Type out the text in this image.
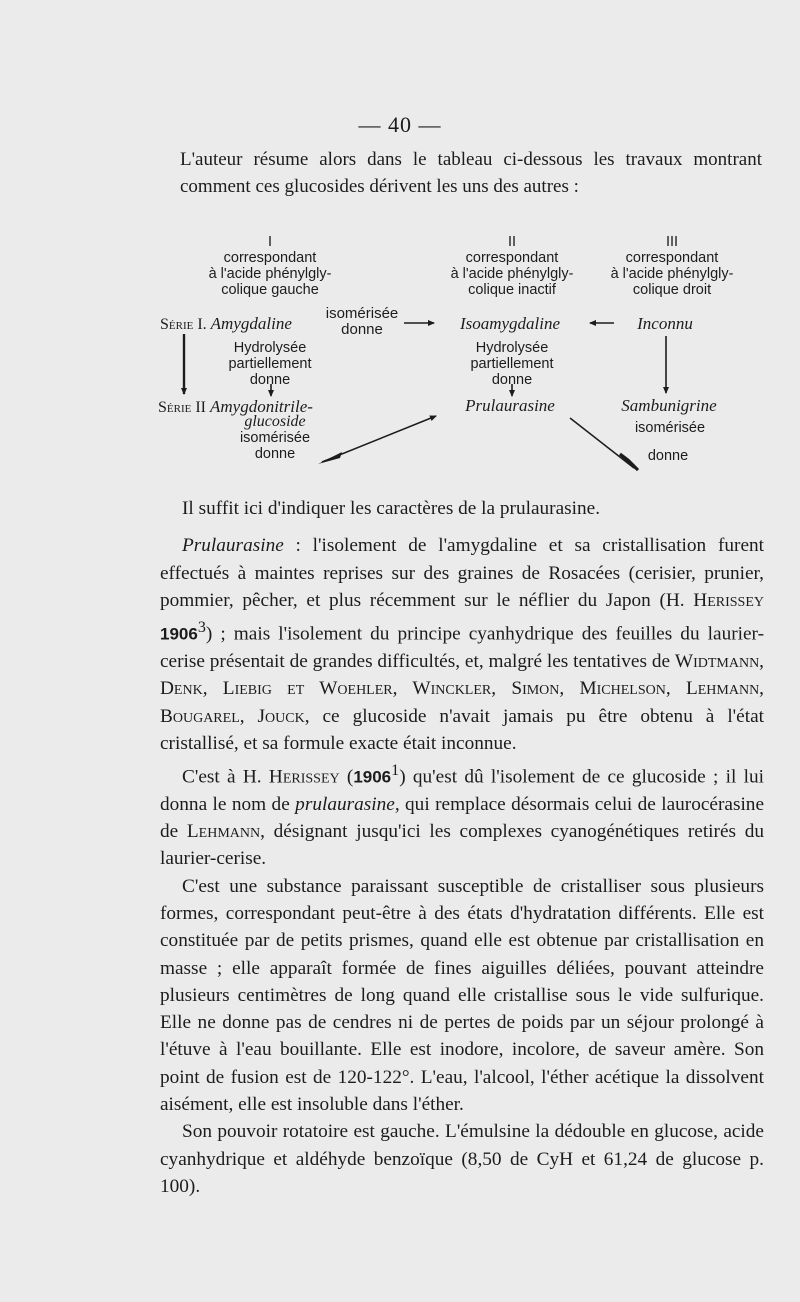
— 40 —
L'auteur résume alors dans le tableau ci-dessous les travaux montrant comment ces glucosides dérivent les uns des autres :
I
correspondant
à l'acide phénylgly-
colique gauche
II
correspondant
à l'acide phénylgly-
colique inactif
III
correspondant
à l'acide phénylgly-
colique droit
Série I. Amygdaline
isomérisée
donne	Isoamygdaline	Inconnu
Hydrolysée
partiellement
donne
Hydrolysée
partiellement
donne
Série II Amygdonitrile-
glucoside
isomérisée
donne
Prulaurasine	Sambunigrine
isomérisée
donne

Il suffit ici d'indiquer les caractères de la prulaurasine.

Prulaurasine : l'isolement de l'amygdaline et sa cristallisation furent effectués à maintes reprises sur des graines de Rosacées (cerisier, prunier, pommier, pêcher, et plus récemment sur le néflier du Japon (H. Herissey 1906$^3$) ; mais l'isolement du principe cyanhydrique des feuilles du laurier-cerise présentait de grandes difficultés, et, malgré les tentatives de Widtmann, Denk, Liebig et Woehler, Winckler, Simon, Michelson, Lehmann, Bougarel, Jouck, ce glucoside n'avait jamais pu être obtenu à l'état cristallisé, et sa formule exacte était inconnue.

C'est à H. Herissey (1906$^1$) qu'est dû l'isolement de ce glucoside ; il lui donna le nom de prulaurasine, qui remplace désormais celui de laurocérasine de Lehmann, désignant jusqu'ici les complexes cyanogénétiques retirés du laurier-cerise.

C'est une substance paraissant susceptible de cristalliser sous plusieurs formes, correspondant peut-être à des états d'hydratation différents. Elle est constituée par de petits prismes, quand elle est obtenue par cristallisation en masse ; elle apparaît formée de fines aiguilles déliées, pouvant atteindre plusieurs centimètres de long quand elle cristallise sous le vide sulfurique. Elle ne donne pas de cendres ni de pertes de poids par un séjour prolongé à l'étuve à l'eau bouillante. Elle est inodore, incolore, de saveur amère. Son point de fusion est de 120-122°. L'eau, l'alcool, l'éther acétique la dissolvent aisément, elle est insoluble dans l'éther.

Son pouvoir rotatoire est gauche. L'émulsine la dédouble en glucose, acide cyanhydrique et aldéhyde benzoïque (8,50 de CyH et 61,24 de glucose p. 100).
